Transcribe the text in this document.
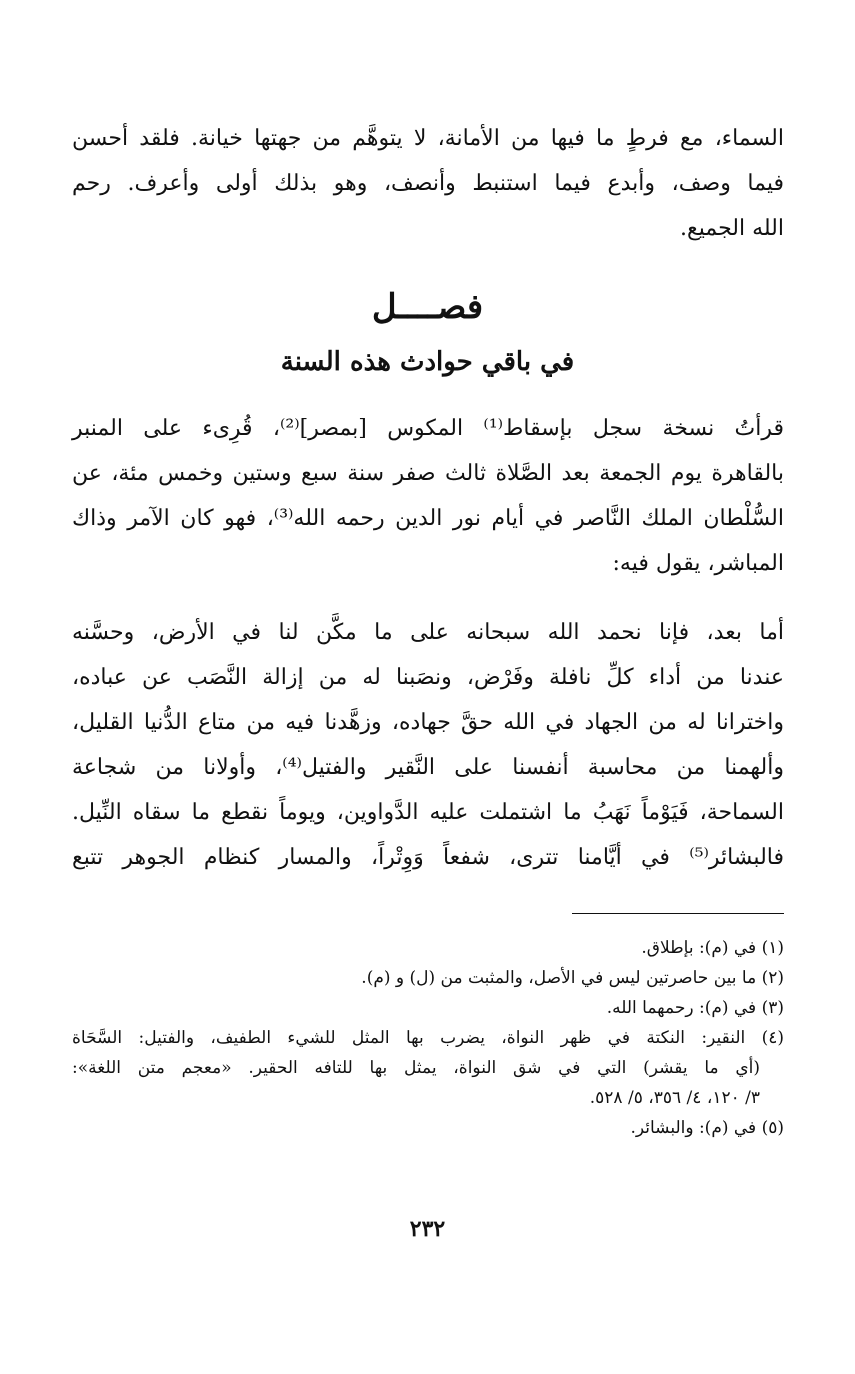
السماء، مع فرطٍ ما فيها من الأمانة، لا يتوهَّم من جهتها خيانة. فلقد أحسن
فيما وصف، وأبدع فيما استنبط وأنصف، وهو بذلك أولى وأعرف. رحم
الله الجميع.
فصــــل
في باقي حوادث هذه السنة
قرأتُ نسخة سجل بإسقاط⁽¹⁾ المكوس [بمصر]⁽²⁾، قُرِىء على المنبر
بالقاهرة يوم الجمعة بعد الصَّلاة ثالث صفر سنة سبع وستين وخمس مئة، عن
السُّلْطان الملك النَّاصر في أيام نور الدين رحمه الله⁽³⁾، فهو كان الآمر وذاك
المباشر، يقول فيه:
أما بعد، فإنا نحمد الله سبحانه على ما مكَّن لنا في الأرض، وحسَّنه
عندنا من أداء كلِّ نافلة وفَرْض، ونصَبنا له من إزالة النَّصَب عن عباده،
واخترانا له من الجهاد في الله حقَّ جهاده، وزهَّدنا فيه من متاع الدُّنيا القليل،
وألهمنا من محاسبة أنفسنا على النَّقير والفتيل⁽⁴⁾، وأولانا من شجاعة
السماحة، فَيَوْماً نَهَبُ ما اشتملت عليه الدَّواوين، ويوماً نقطع ما سقاه النِّيل.
فالبشائر⁽⁵⁾ في أيَّامنا تترى، شفعاً وَوِتْراً، والمسار كنظام الجوهر تتبع
(١) في (م): بإطلاق.
(٢) ما بين حاصرتين ليس في الأصل، والمثبت من (ل) و (م).
(٣) في (م): رحمهما الله.
(٤) النقير: النكتة في ظهر النواة، يضرب بها المثل للشيء الطفيف، والفتيل: السَّحَاة
(أي ما يقشر) التي في شق النواة، يمثل بها للتافه الحقير. «معجم متن اللغة»:
٣/ ١٢٠، ٤/ ٣٥٦، ٥/ ٥٢٨.
(٥) في (م): والبشائر.
٢٣٢
